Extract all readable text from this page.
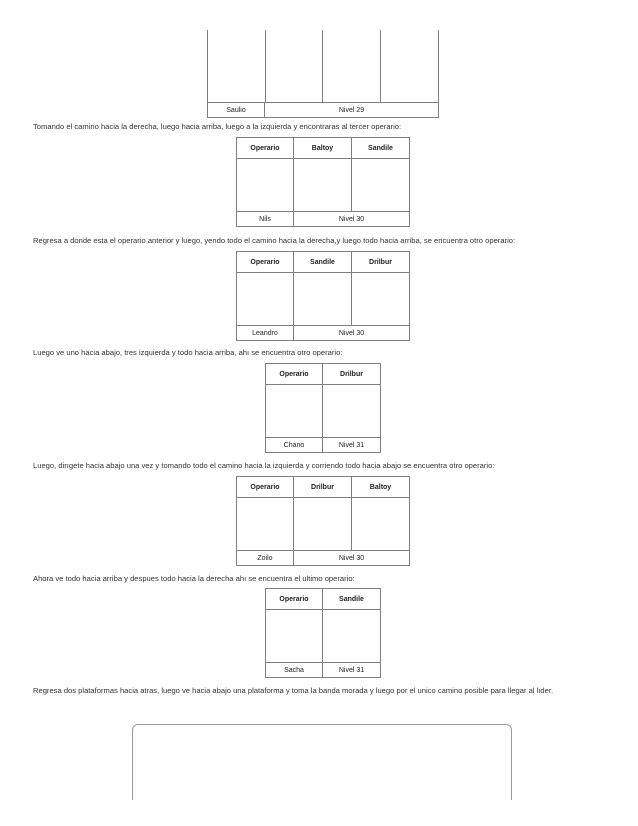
Saulio	Nivel 29
Tomando el camino hacia la derecha, luego hacia arriba, luego a la izquierda y encontraras al tercer operario:
Operario	Baltoy	Sandile

Nils	Nivel 30	
Regresa a donde esta el operario anterior y luego, yendo todo el camino hacia la derecha,y luego todo hacia arriba, se encuentra otro operario:
Operario	Sandile	Drilbur

Leandro	Nivel 30	
Luego ve uno hacia abajo, tres izquierda y todo hacia arriba, ahı se encuentra otro operario:
Operario	Drilbur

Chano	Nivel 31
Luego, dirıgete hacia abajo una vez y tomando todo el camino hacia la izquierda y corriendo todo hacia abajo se encuentra otro operario:
Operario	Drilbur	Baltoy

Zoilo	Nivel 30	
Ahora ve todo hacia arriba y despues todo hacia la derecha ahı se encuentra el ultimo operario:
Operario	Sandile

Sacha	Nivel 31
Regresa dos plataformas hacia atras, luego ve hacia abajo una plataforma y toma la banda morada y luego por el unico camino posible para llegar al lıder.
